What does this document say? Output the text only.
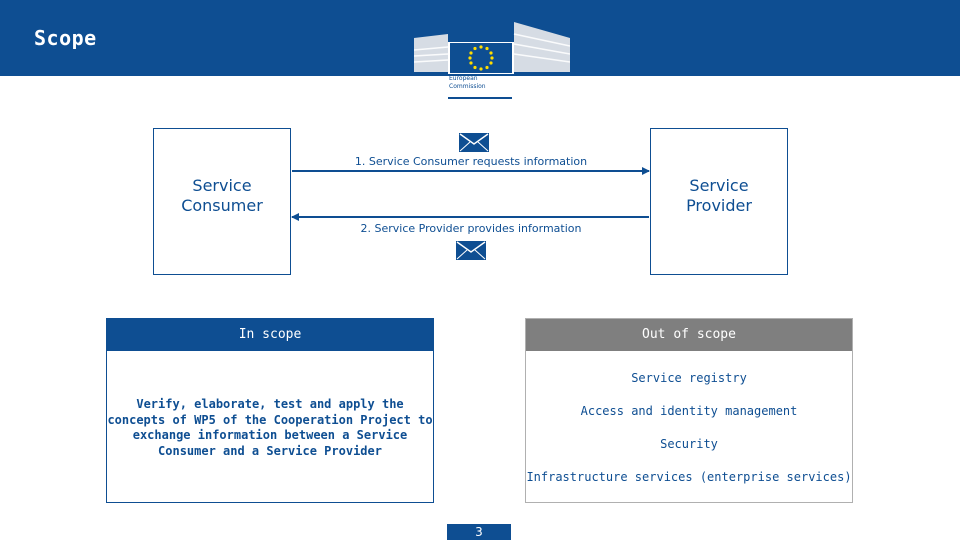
Scope
European
Commission
Service Consumer
Service Provider
1. Service Consumer requests information
2. Service Provider provides information
In scope
Verify, elaborate, test and apply the concepts of WP5 of the Cooperation Project to exchange information between a Service Consumer and a Service Provider
Out of scope
Service registry
Access and identity management
Security
Infrastructure services (enterprise services)
3
